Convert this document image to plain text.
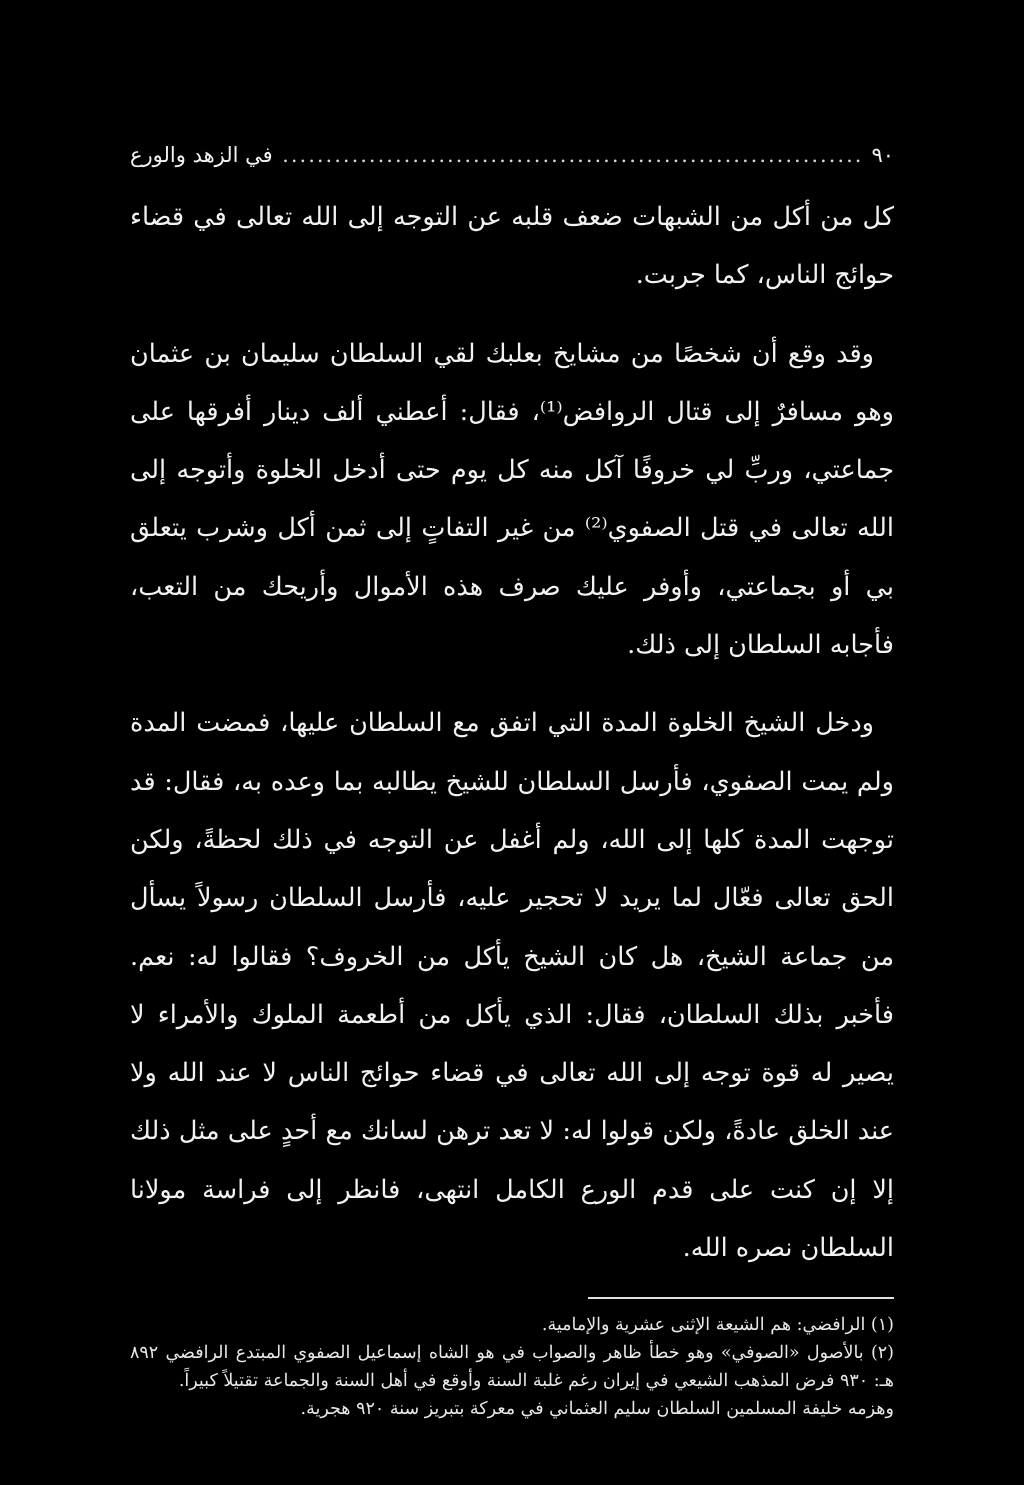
٩٠
.....
في الزهد والورع

كل من أكل من الشبهات ضعف قلبه عن التوجه إلى الله تعالى في قضاء حوائج الناس، كما جربت.

وقد وقع أن شخصًا من مشايخ بعلبك لقي السلطان سليمان بن عثمان وهو مسافرٌ إلى قتال الروافض⁽¹⁾، فقال: أعطني ألف دينار أفرقها على جماعتي، وربِّ لي خروفًا آكل منه كل يوم حتى أدخل الخلوة وأتوجه إلى الله تعالى في قتل الصفوي⁽²⁾ من غير التفاتٍ إلى ثمن أكل وشرب يتعلق بي أو بجماعتي، وأوفر عليك صرف هذه الأموال وأريحك من التعب، فأجابه السلطان إلى ذلك.

ودخل الشيخ الخلوة المدة التي اتفق مع السلطان عليها، فمضت المدة ولم يمت الصفوي، فأرسل السلطان للشيخ يطالبه بما وعده به، فقال: قد توجهت المدة كلها إلى الله، ولم أغفل عن التوجه في ذلك لحظةً، ولكن الحق تعالى فعّال لما يريد لا تحجير عليه، فأرسل السلطان رسولاً يسأل من جماعة الشيخ، هل كان الشيخ يأكل من الخروف؟ فقالوا له: نعم. فأخبر بذلك السلطان، فقال: الذي يأكل من أطعمة الملوك والأمراء لا يصير له قوة توجه إلى الله تعالى في قضاء حوائج الناس لا عند الله ولا عند الخلق عادةً، ولكن قولوا له: لا تعد ترهن لسانك مع أحدٍ على مثل ذلك إلا إن كنت على قدم الورع الكامل انتهى، فانظر إلى فراسة مولانا السلطان نصره الله.

(١) الرافضي: هم الشيعة الإثنى عشرية والإمامية.

(٢) بالأصول «الصوفي» وهو خطأ ظاهر والصواب في هو الشاه إسماعيل الصفوي المبتدع الرافضي ٨٩٢ هـ: ٩٣٠ فرض المذهب الشيعي في إيران رغم غلبة السنة وأوقع في أهل السنة والجماعة تقتيلاً كبيراً.

وهزمه خليفة المسلمين السلطان سليم العثماني في معركة بتبريز سنة ٩٢٠ هجرية.
